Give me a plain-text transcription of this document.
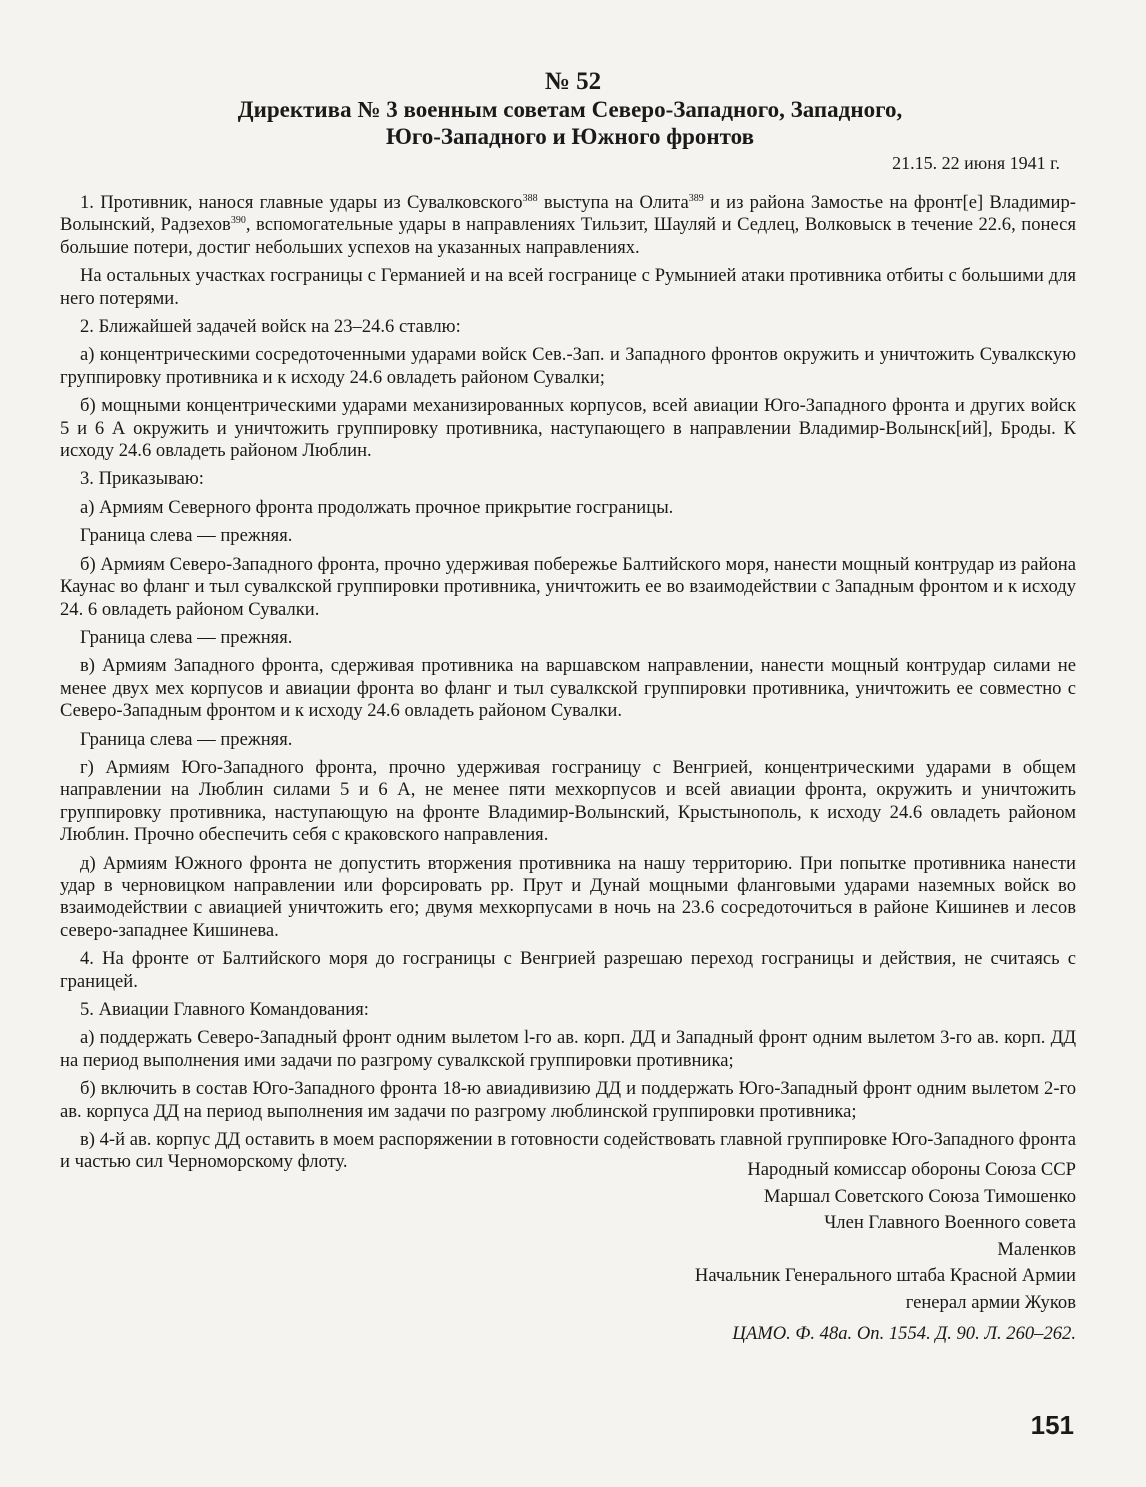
№ 52
Директива № 3 военным советам Северо-Западного, Западного,
Юго-Западного и Южного фронтов
21.15. 22 июня 1941 г.

1. Противник, нанося главные удары из Сувалковского$^{388}$ выступа на Олита$^{389}$ и из района Замостье на фронт[е] Владимир-Волынский, Радзехов$^{390}$, вспомогательные удары в направлениях Тильзит, Шауляй и Седлец, Волковыск в течение 22.6, понеся большие потери, достиг небольших успехов на указанных направлениях.

На остальных участках госграницы с Германией и на всей госгранице с Румынией атаки противника отбиты с большими для него потерями.

2. Ближайшей задачей войск на 23–24.6 ставлю:

а) концентрическими сосредоточенными ударами войск Сев.-Зап. и Западного фронтов окружить и уничтожить Сувалкскую группировку противника и к исходу 24.6 овладеть районом Сувалки;

б) мощными концентрическими ударами механизированных корпусов, всей авиации Юго-Западного фронта и других войск 5 и 6 А окружить и уничтожить группировку противника, наступающего в направлении Владимир-Волынск[ий], Броды. К исходу 24.6 овладеть районом Люблин.

3. Приказываю:

а) Армиям Северного фронта продолжать прочное прикрытие госграницы.

Граница слева — прежняя.

б) Армиям Северо-Западного фронта, прочно удерживая побережье Балтийского моря, нанести мощный контрудар из района Каунас во фланг и тыл сувалкской группировки противника, уничтожить ее во взаимодействии с Западным фронтом и к исходу 24. 6 овладеть районом Сувалки.

Граница слева — прежняя.

в) Армиям Западного фронта, сдерживая противника на варшавском направлении, нанести мощный контрудар силами не менее двух мех корпусов и авиации фронта во фланг и тыл сувалкской группировки противника, уничтожить ее совместно с Северо-Западным фронтом и к исходу 24.6 овладеть районом Сувалки.

Граница слева — прежняя.

г) Армиям Юго-Западного фронта, прочно удерживая госграницу с Венгрией, концентрическими ударами в общем направлении на Люблин силами 5 и 6 А, не менее пяти мехкорпусов и всей авиации фронта, окружить и уничтожить группировку противника, наступающую на фронте Владимир-Волынский, Крыстынополь, к исходу 24.6 овладеть районом Люблин. Прочно обеспечить себя с краковского направления.

д) Армиям Южного фронта не допустить вторжения противника на нашу территорию. При попытке противника нанести удар в черновицком направлении или форсировать рр. Прут и Дунай мощными фланговыми ударами наземных войск во взаимодействии с авиацией уничтожить его; двумя мехкорпусами в ночь на 23.6 сосредоточиться в районе Кишинев и лесов северо-западнее Кишинева.

4. На фронте от Балтийского моря до госграницы с Венгрией разрешаю переход госграницы и действия, не считаясь с границей.

5. Авиации Главного Командования:

а) поддержать Северо-Западный фронт одним вылетом l-го ав. корп. ДД и Западный фронт одним вылетом 3-го ав. корп. ДД на период выполнения ими задачи по разгрому сувалкской группировки противника;

б) включить в состав Юго-Западного фронта 18-ю авиадивизию ДД и поддержать Юго-Западный фронт одним вылетом 2-го ав. корпуса ДД на период выполнения им задачи по разгрому люблинской группировки противника;

в) 4-й ав. корпус ДД оставить в моем распоряжении в готовности содействовать главной группировке Юго-Западного фронта и частью сил Черноморскому флоту.	Народный комиссар обороны Союза ССР
Маршал Советского Союза Тимошенко
Член Главного Военного совета
Маленков
Начальник Генерального штаба Красной Армии
генерал армии Жуков
ЦАМО. Ф. 48а. Оп. 1554. Д. 90. Л. 260–262.
151
